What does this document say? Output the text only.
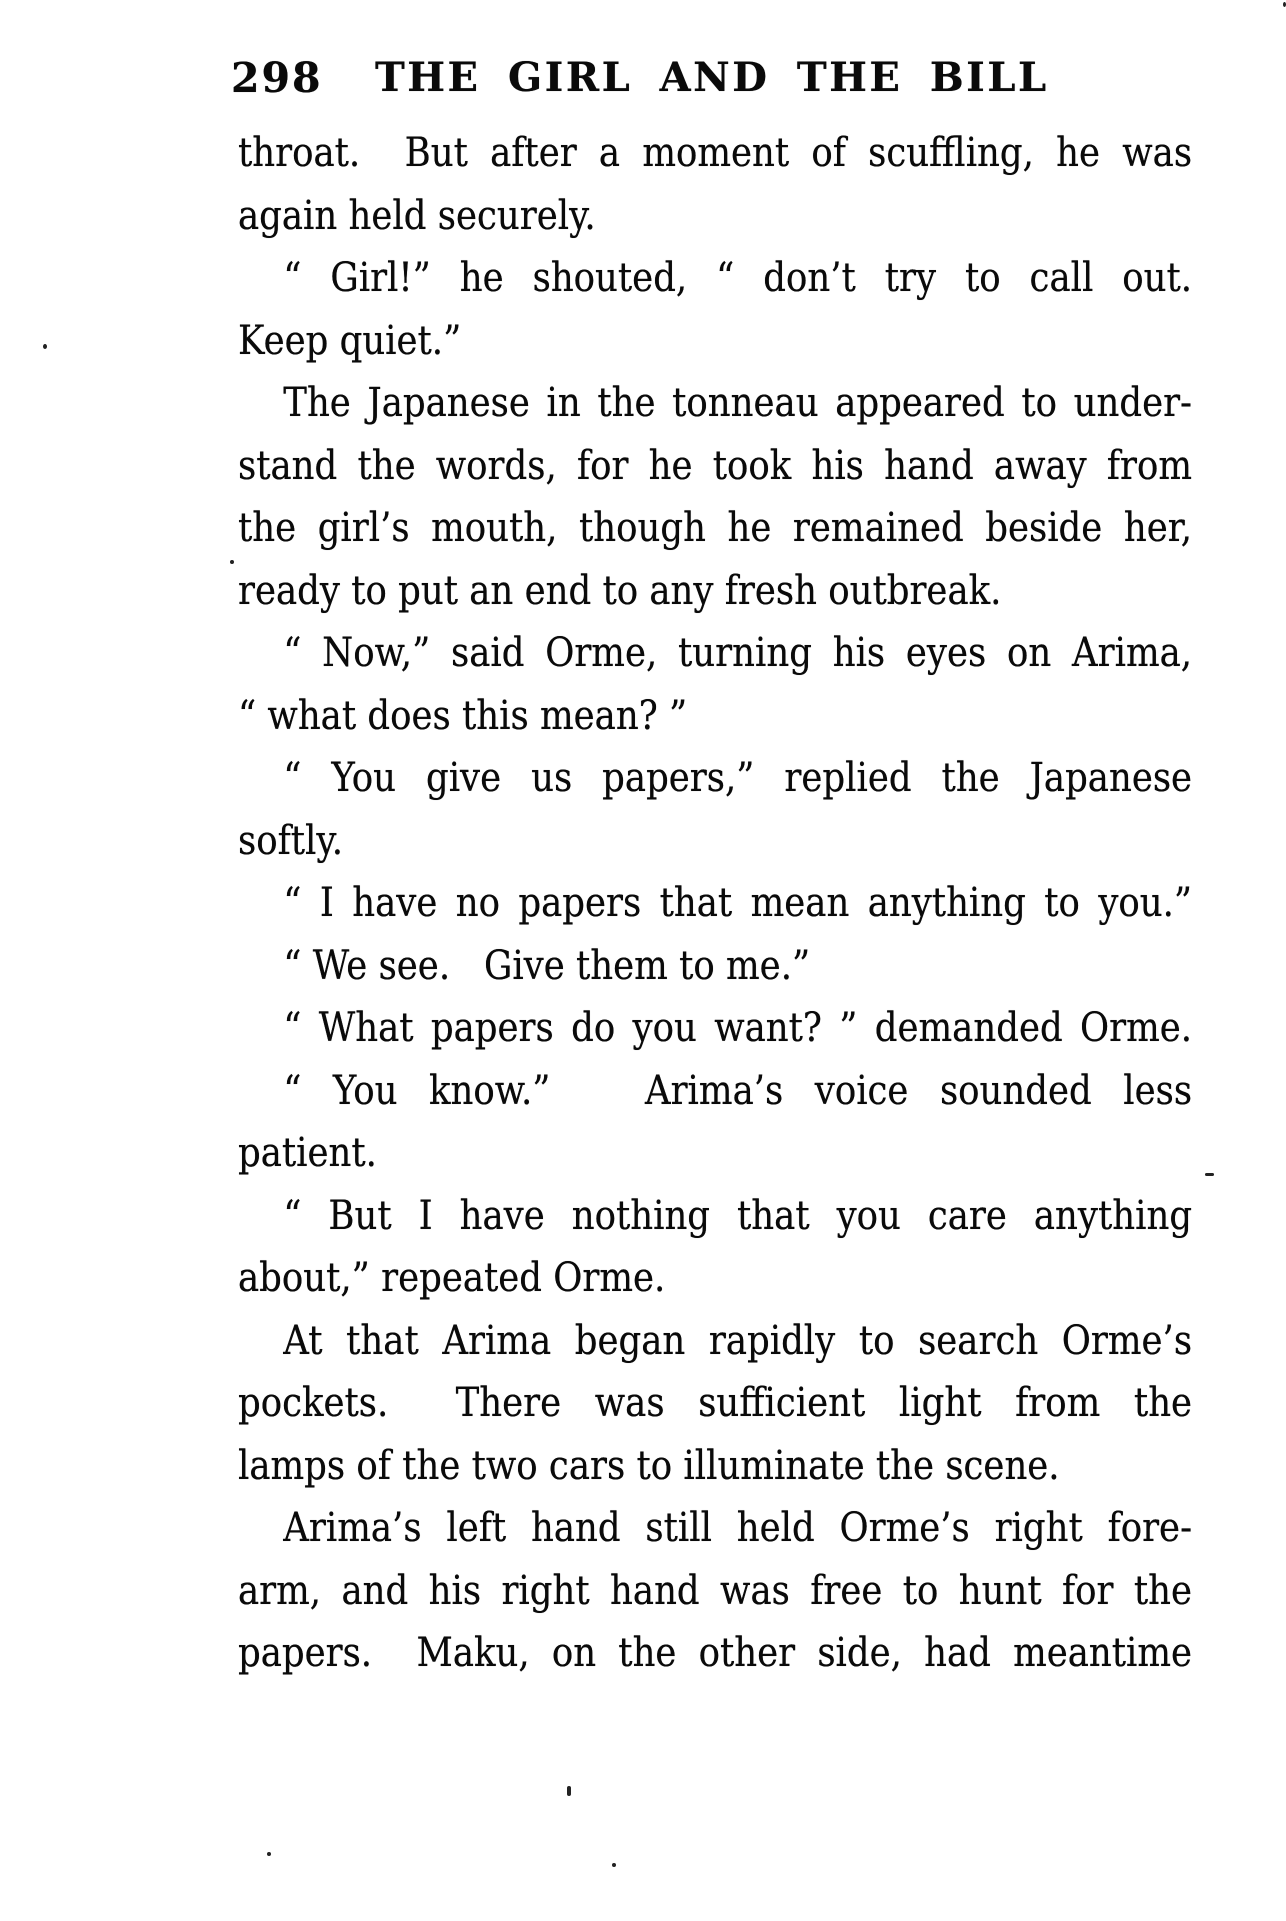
298 THE GIRL AND THE BILL
throat.  But after a moment of scuffling, he was
again held securely.
“ Girl!” he shouted, “ don’t try to call out.
Keep quiet.”
The Japanese in the tonneau appeared to under-
stand the words, for he took his hand away from
the girl’s mouth, though he remained beside her,
ready to put an end to any fresh outbreak.
“ Now,” said Orme, turning his eyes on Arima,
“ what does this mean? ”
“ You give us papers,” replied the Japanese
softly.
“ I have no papers that mean anything to you.”
“ We see.   Give them to me.”
“ What papers do you want? ” demanded Orme.
“ You know.”   Arima’s voice sounded less
patient.
“ But I have nothing that you care anything
about,” repeated Orme.
At that Arima began rapidly to search Orme’s
pockets.  There was sufficient light from the
lamps of the two cars to illuminate the scene.
Arima’s left hand still held Orme’s right fore-
arm, and his right hand was free to hunt for the
papers.  Maku, on the other side, had meantime
